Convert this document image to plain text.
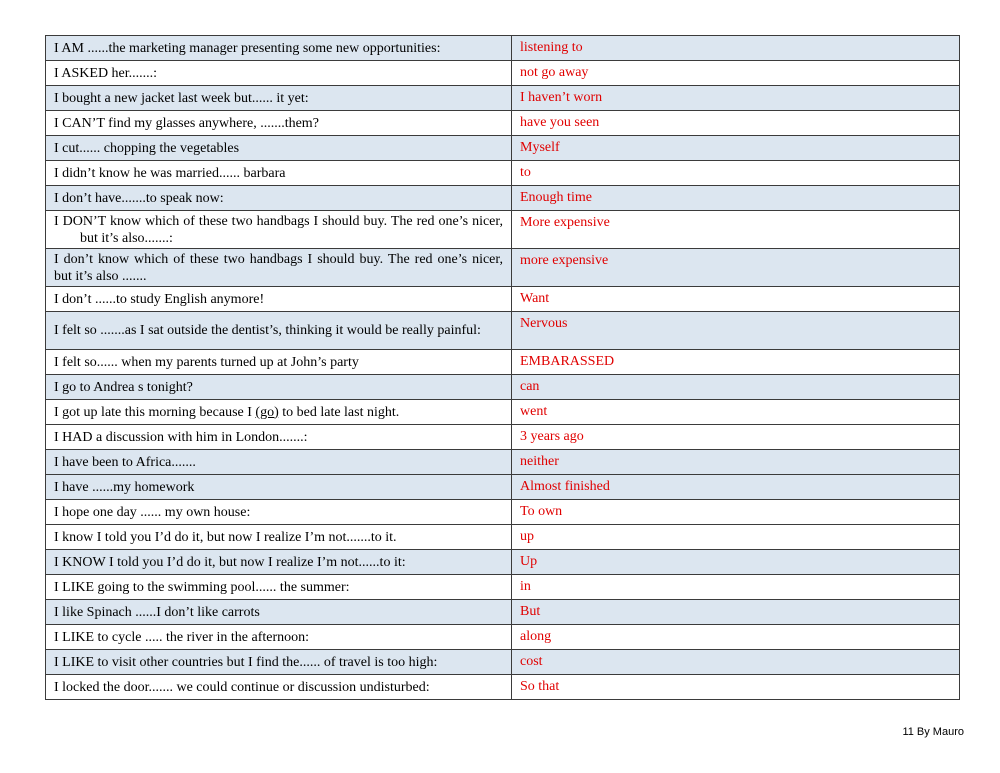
I AM ......the marketing manager presenting some new opportunities:	listening to
I ASKED her.......:	not go away
I bought a new jacket last week but...... it yet:	I haven’t worn
I CAN’T find my glasses anywhere, .......them?	have you seen
I cut...... chopping the vegetables	Myself
I didn’t know he was married...... barbara	to
I don’t have.......to speak now:	Enough time
I DON’T know which of these two handbags I should buy. The red one’s nicer, but it’s also.......:	More expensive
I don’t know which of these two handbags I should buy. The red one’s nicer, but it’s also .......	more expensive
I don’t ......to study English anymore!	Want
I felt so .......as I sat outside the dentist’s, thinking it would be really painful:	Nervous
I felt so...... when my parents turned up at John’s party	EMBARASSED
I go to Andrea s tonight?	can
I got up late this morning because I (go) to bed late last night.	went
I HAD a discussion with him in London.......:	3 years ago
I have been to Africa.......	neither
I have ......my homework	Almost finished
I hope one day ...... my own house:	To own
I know I told you I’d do it, but now I realize I’m not.......to it.	up
I KNOW I told you I’d do it, but now I realize I’m not......to it:	Up
I LIKE going to the swimming pool...... the summer:	in
I like Spinach ......I don’t like carrots	But
I LIKE to cycle ..... the river in the afternoon:	along
I LIKE to visit other countries but I find the...... of travel is too high:	cost
I locked the door....... we could continue or discussion undisturbed:	So that
11 By Mauro
